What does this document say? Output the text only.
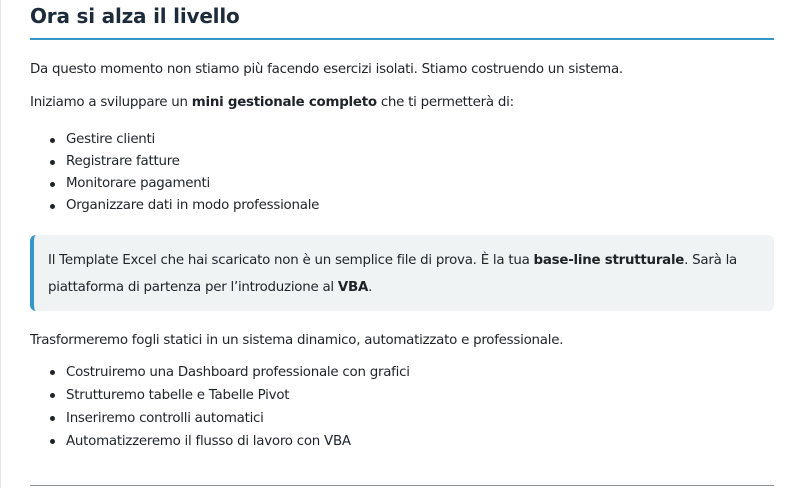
Ora si alza il livello

Da questo momento non stiamo più facendo esercizi isolati. Stiamo costruendo un sistema.

Iniziamo a sviluppare un mini gestionale completo che ti permetterà di:

Gestire clienti
Registrare fatture
Monitorare pagamenti
Organizzare dati in modo professionale

Il Template Excel che hai scaricato non è un semplice file di prova. È la tua base-line strutturale. Sarà la piattaforma di partenza per l’introduzione al VBA.

Trasformeremo fogli statici in un sistema dinamico, automatizzato e professionale.

Costruiremo una Dashboard professionale con grafici
Strutturemo tabelle e Tabelle Pivot
Inseriremo controlli automatici
Automatizzeremo il flusso di lavoro con VBA
